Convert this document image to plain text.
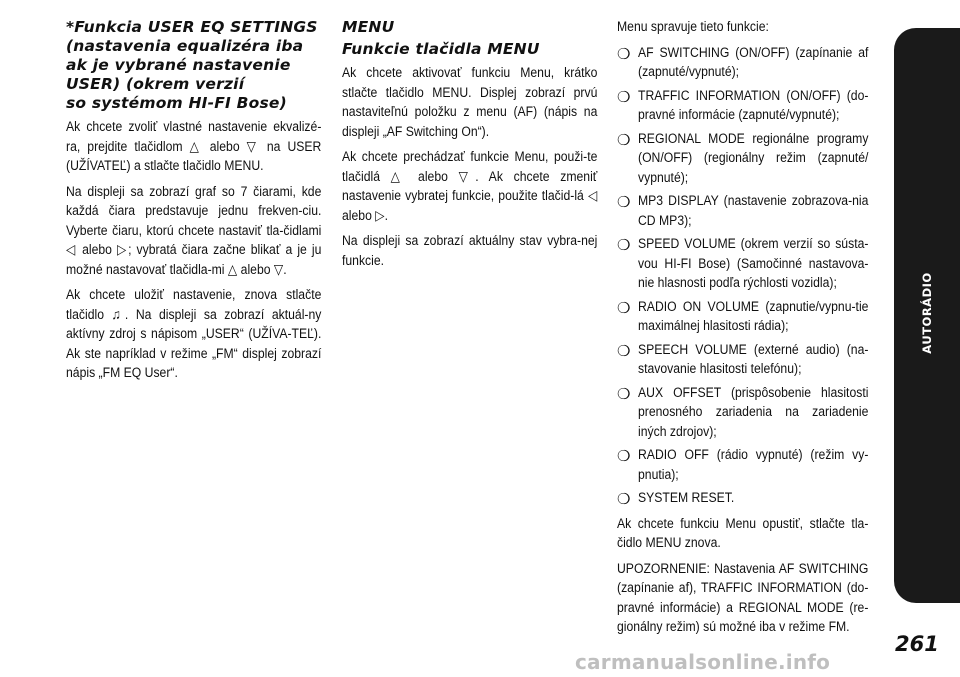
*Funkcia USER EQ SETTINGS
(nastavenia equalizéra iba
ak je vybrané nastavenie
USER) (okrem verzií
so systémom HI-FI Bose)

Ak chcete zvoliť vlastné nastavenie ekvalizé-ra, prejdite tlačidlom △ alebo ▽ na USER (UŽÍVATEĽ) a stlačte tlačidlo MENU.

Na displeji sa zobrazí graf so 7 čiarami, kde každá čiara predstavuje jednu frekven-ciu. Vyberte čiaru, ktorú chcete nastaviť tla-čidlami ◁ alebo ▷; vybratá čiara začne blikať a je ju možné nastavovať tlačidla-mi △ alebo ▽.

Ak chcete uložiť nastavenie, znova stlačte tlačidlo ♫. Na displeji sa zobrazí aktuál-ny aktívny zdroj s nápisom „USER“ (UŽÍVA-TEĽ). Ak ste napríklad v režime „FM“ displej zobrazí nápis „FM EQ User“.

MENU
Funkcie tlačidla MENU

Ak chcete aktivovať funkciu Menu, krátko stlačte tlačidlo MENU. Displej zobrazí prvú nastaviteľnú položku z menu (AF) (nápis na displeji „AF Switching On“).

Ak chcete prechádzať funkcie Menu, použi-te tlačidlá △ alebo ▽. Ak chcete zmeniť nastavenie vybratej funkcie, použite tlačid-lá ◁ alebo ▷.

Na displeji sa zobrazí aktuálny stav vybra-nej funkcie.

Menu spravuje tieto funkcie:

❍ AF SWITCHING (ON/OFF) (zapínanie af (zapnuté/vypnuté);
❍ TRAFFIC INFORMATION (ON/OFF) (do-pravné informácie (zapnuté/vypnuté);
❍ REGIONAL MODE regionálne programy (ON/OFF) (regionálny režim (zapnuté/ vypnuté);
❍ MP3 DISPLAY (nastavenie zobrazova-nia CD MP3);
❍ SPEED VOLUME (okrem verzií so sústa-vou HI-FI Bose) (Samočinné nastavova-nie hlasnosti podľa rýchlosti vozidla);
❍ RADIO ON VOLUME (zapnutie/vypnu-tie maximálnej hlasitosti rádia);
❍ SPEECH VOLUME (externé audio) (na-stavovanie hlasitosti telefónu);
❍ AUX OFFSET (prispôsobenie hlasitosti prenosného zariadenia na zariadenie iných zdrojov);
❍ RADIO OFF (rádio vypnuté) (režim vy-pnutia);
❍ SYSTEM RESET.

Ak chcete funkciu Menu opustiť, stlačte tla-čidlo MENU znova.

UPOZORNENIE: Nastavenia AF SWITCHING (zapínanie af), TRAFFIC INFORMATION (do-pravné informácie) a REGIONAL MODE (re-gionálny režim) sú možné iba v režime FM.

AUTORÁDIO
261
carmanualsonline.info
